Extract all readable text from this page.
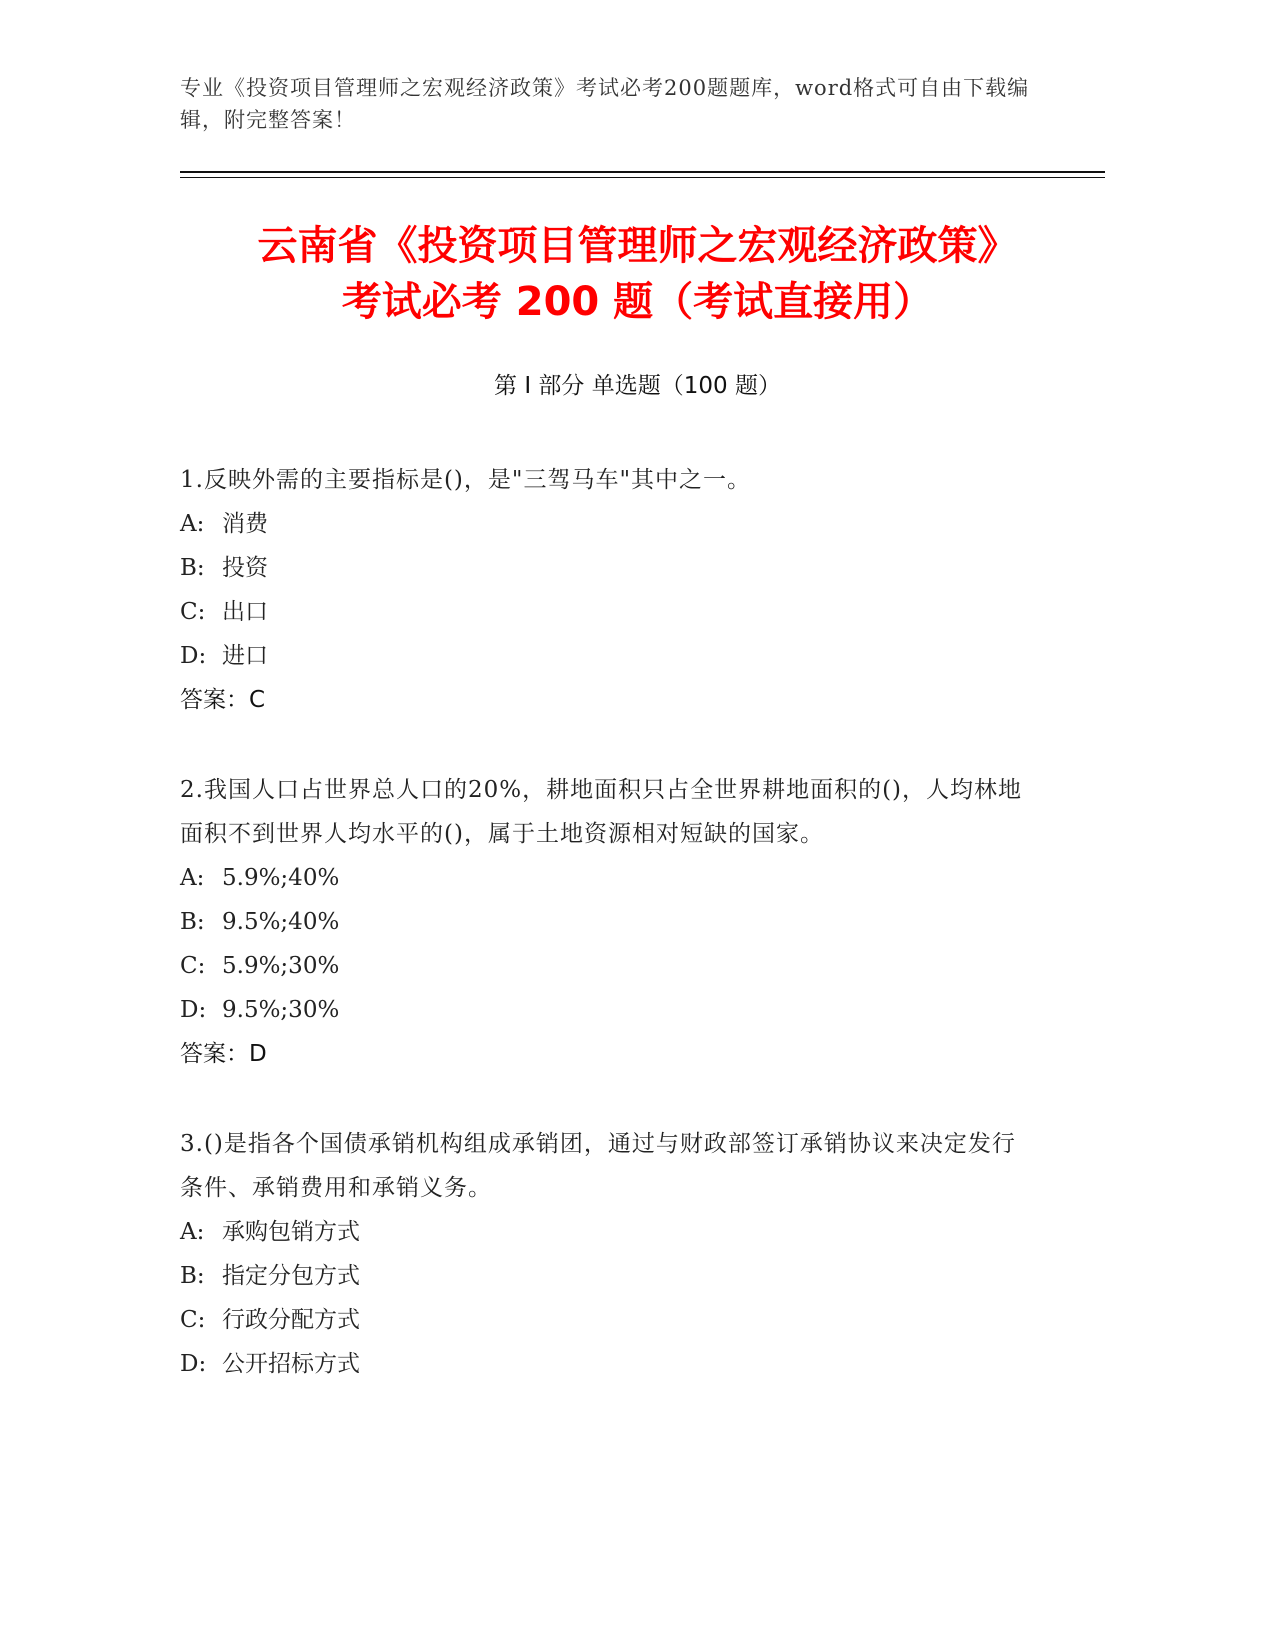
专业《投资项目管理师之宏观经济政策》考试必考200题题库，word格式可自由下载编辑，附完整答案！
云南省《投资项目管理师之宏观经济政策》
考试必考 200 题（考试直接用）
第 I 部分 单选题（100 题）
1.反映外需的主要指标是()，是"三驾马车"其中之一。
A: 消费
B: 投资
C: 出口
D: 进口
答案：C
2.我国人口占世界总人口的20%，耕地面积只占全世界耕地面积的()，人均林地面积不到世界人均水平的()，属于土地资源相对短缺的国家。
A: 5.9%;40%
B: 9.5%;40%
C: 5.9%;30%
D: 9.5%;30%
答案：D
3.()是指各个国债承销机构组成承销团，通过与财政部签订承销协议来决定发行条件、承销费用和承销义务。
A: 承购包销方式
B: 指定分包方式
C: 行政分配方式
D: 公开招标方式
